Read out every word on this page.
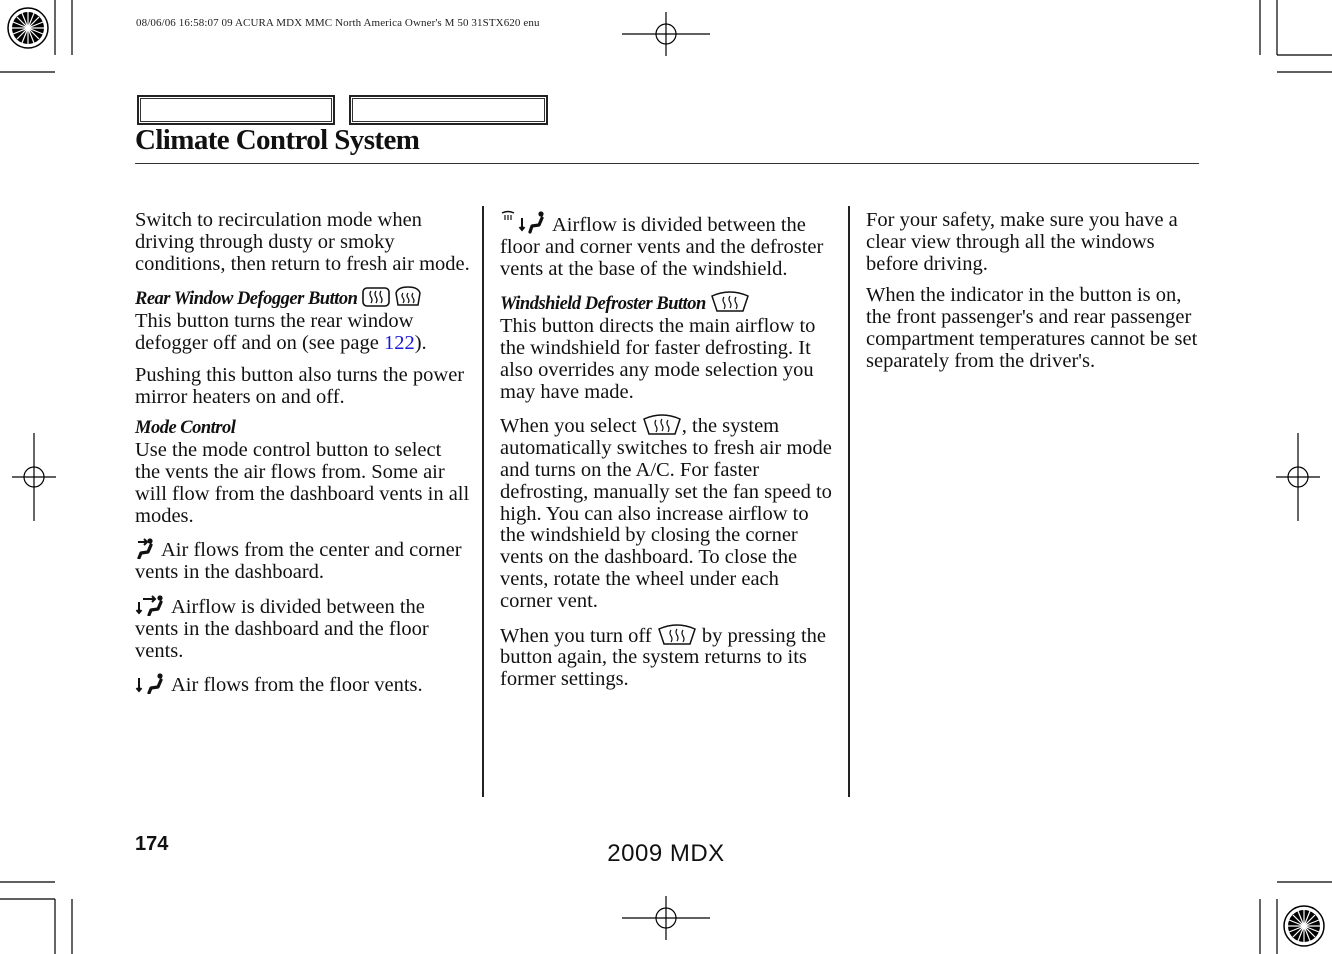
08/06/06 16:58:07 09 ACURA MDX MMC North America Owner's M 50 31STX620 enu
Climate Control System

Switch to recirculation mode when driving through dusty or smoky conditions, then return to fresh air mode.

Rear Window Defogger Button

This button turns the rear window defogger off and on (see page 122).

Pushing this button also turns the power mirror heaters on and off.

Mode Control

Use the mode control button to select the vents the air flows from. Some air will flow from the dashboard vents in all modes.

Air flows from the center and corner vents in the dashboard.

Airflow is divided between the vents in the dashboard and the floor vents.

Air flows from the floor vents.

Airflow is divided between the floor and corner vents and the defroster vents at the base of the windshield.

Windshield Defroster Button

This button directs the main airflow to the windshield for faster defrosting. It also overrides any mode selection you may have made.

When you select , the system automatically switches to fresh air mode and turns on the A/C. For faster defrosting, manually set the fan speed to high. You can also increase airflow to the windshield by closing the corner vents on the dashboard. To close the vents, rotate the wheel under each corner vent.

When you turn off  by pressing the button again, the system returns to its former settings.

For your safety, make sure you have a clear view through all the windows before driving.

When the indicator in the button is on, the front passenger's and rear passenger compartment temperatures cannot be set separately from the driver's.

174	2009 MDX
